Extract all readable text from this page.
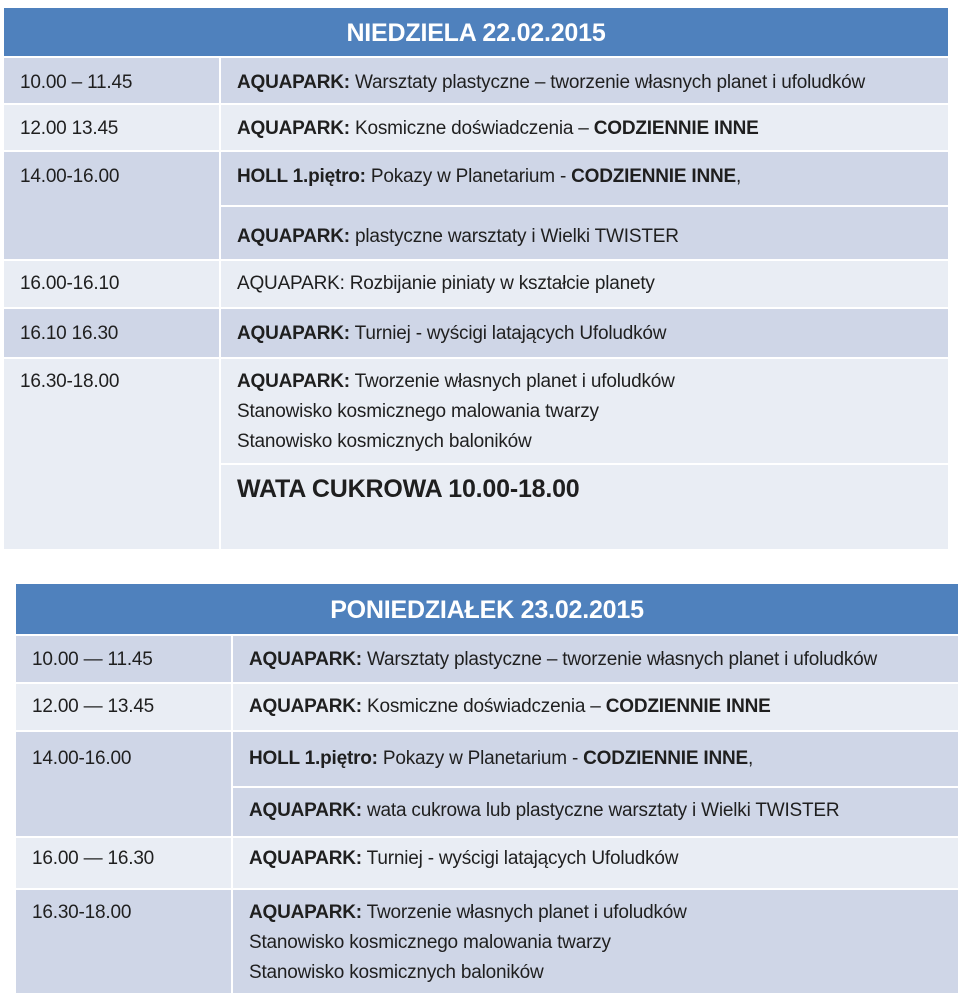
NIEDZIELA 22.02.2015	
10.00 – 11.45	AQUAPARK: Warsztaty plastyczne – tworzenie własnych planet i ufoludków

12.00 13.45	AQUAPARK: Kosmiczne doświadczenia – CODZIENNIE INNE

14.00-16.00	HOLL 1.piętro: Pokazy w Planetarium - CODZIENNIE INNE,

	AQUAPARK: plastyczne warsztaty i Wielki TWISTER

16.00-16.10	AQUAPARK: Rozbijanie piniaty w kształcie planety

16.10 16.30	AQUAPARK: Turniej - wyścigi latających Ufoludków

16.30-18.00	AQUAPARK: Tworzenie własnych planet i ufoludków
Stanowisko kosmicznego malowania twarzy
Stanowisko kosmicznych baloników

	WATA CUKROWA 10.00-18.00
PONIEDZIAŁEK 23.02.2015	
10.00 — 11.45	AQUAPARK: Warsztaty plastyczne – tworzenie własnych planet i ufoludków

12.00 — 13.45	AQUAPARK: Kosmiczne doświadczenia – CODZIENNIE INNE

14.00-16.00	HOLL 1.piętro: Pokazy w Planetarium - CODZIENNIE INNE,

	AQUAPARK: wata cukrowa lub plastyczne warsztaty i Wielki TWISTER

16.00 — 16.30	AQUAPARK: Turniej - wyścigi latających Ufoludków

16.30-18.00	AQUAPARK: Tworzenie własnych planet i ufoludków
Stanowisko kosmicznego malowania twarzy
Stanowisko kosmicznych baloników
